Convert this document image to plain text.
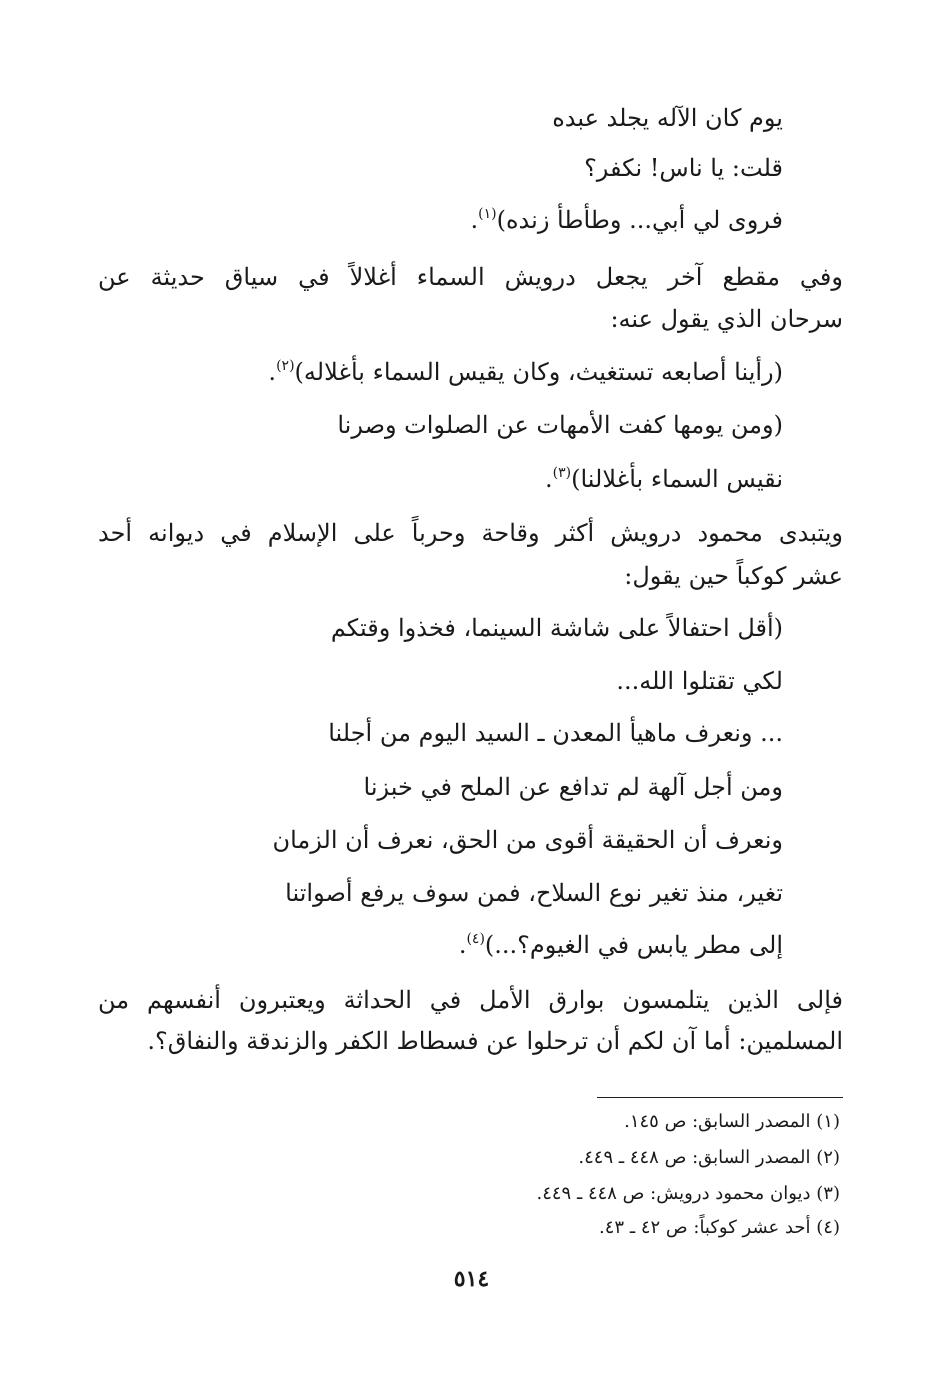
يوم كان الآله يجلد عبده
قلت: يا ناس! نكفر؟
فروى لي أبي... وطأطأ زنده)$^{(١)}$.
وفي مقطع آخر يجعل درويش السماء أغلالاً في سياق حديثة عن
سرحان الذي يقول عنه:
(رأينا أصابعه تستغيث، وكان يقيس السماء بأغلاله)$^{(٢)}$.
(ومن يومها كفت الأمهات عن الصلوات وصرنا
نقيس السماء بأغلالنا)$^{(٣)}$.
ويتبدى محمود درويش أكثر وقاحة وحرباً على الإسلام في ديوانه أحد
عشر كوكباً حين يقول:
(أقل احتفالاً على شاشة السينما، فخذوا وقتكم
لكي تقتلوا الله...
... ونعرف ماهيأ المعدن ـ السيد اليوم من أجلنا
ومن أجل آلهة لم تدافع عن الملح في خبزنا
ونعرف أن الحقيقة أقوى من الحق، نعرف أن الزمان
تغير، منذ تغير نوع السلاح، فمن سوف يرفع أصواتنا
إلى مطر يابس في الغيوم؟...)$^{(٤)}$.
فإلى الذين يتلمسون بوارق الأمل في الحداثة ويعتبرون أنفسهم من
المسلمين: أما آن لكم أن ترحلوا عن فسطاط الكفر والزندقة والنفاق؟.
(١) المصدر السابق: ص ١٤٥.
(٢) المصدر السابق: ص ٤٤٨ ـ ٤٤٩.
(٣) ديوان محمود درويش: ص ٤٤٨ ـ ٤٤٩.
(٤) أحد عشر كوكباً: ص ٤٢ ـ ٤٣.
٥١٤
